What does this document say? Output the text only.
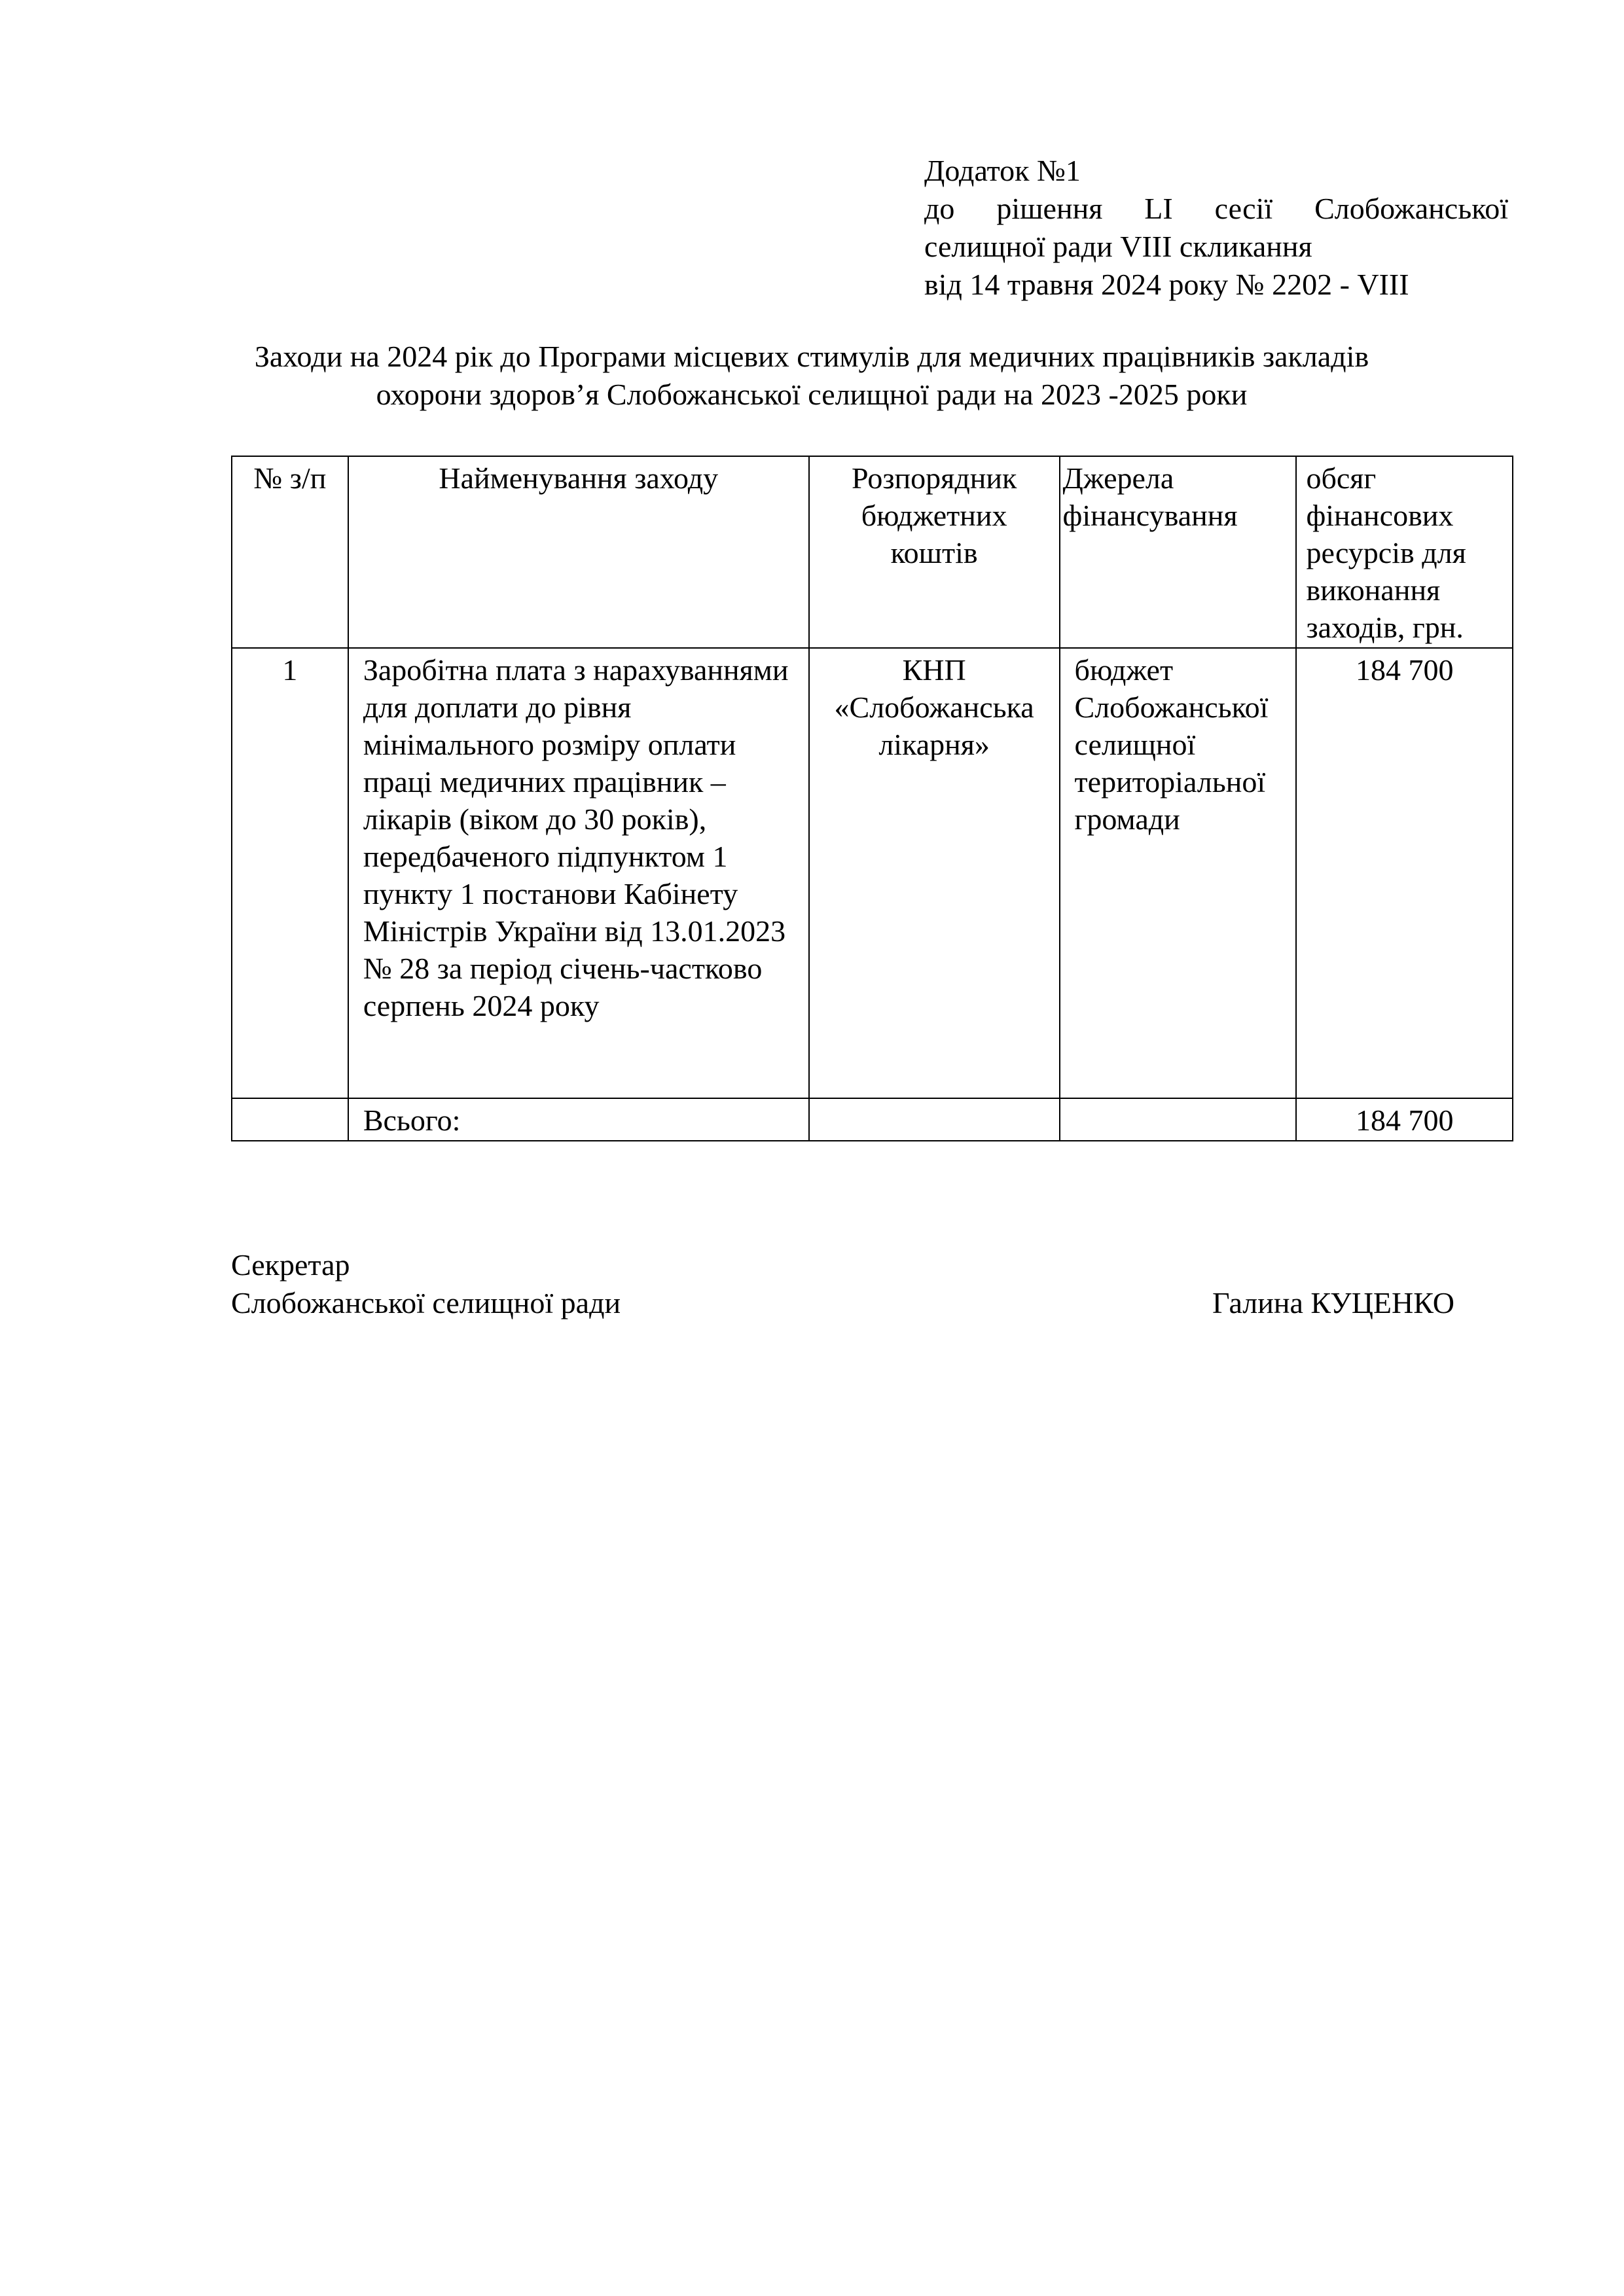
Додаток №1
до рішення LI сесії Слобожанської
селищної ради VIII скликання
від 14 травня 2024 року № 2202 - VIII
Заходи на 2024 рік до Програми місцевих стимулів для медичних працівників закладів
охорони здоров’я Слобожанської селищної ради на 2023 -2025 роки
№ з/п	Найменування заходу	Розпорядник бюджетних коштів	Джерела фінансування	обсяг фінансових ресурсів для виконання заходів, грн.
1	Заробітна плата з нарахуваннями для доплати до рівня мінімального розміру оплати праці медичних працівник – лікарів (віком до 30 років), передбаченого підпунктом 1 пункту 1 постанови Кабінету Міністрів України від 13.01.2023 № 28 за період січень-частково серпень 2024 року	КНП «Слобожанська лікарня»	бюджет Слобожанської селищної територіальної громади	184 700
	Всього:			184 700
Секретар
Слобожанської селищної ради	Галина КУЦЕНКО
